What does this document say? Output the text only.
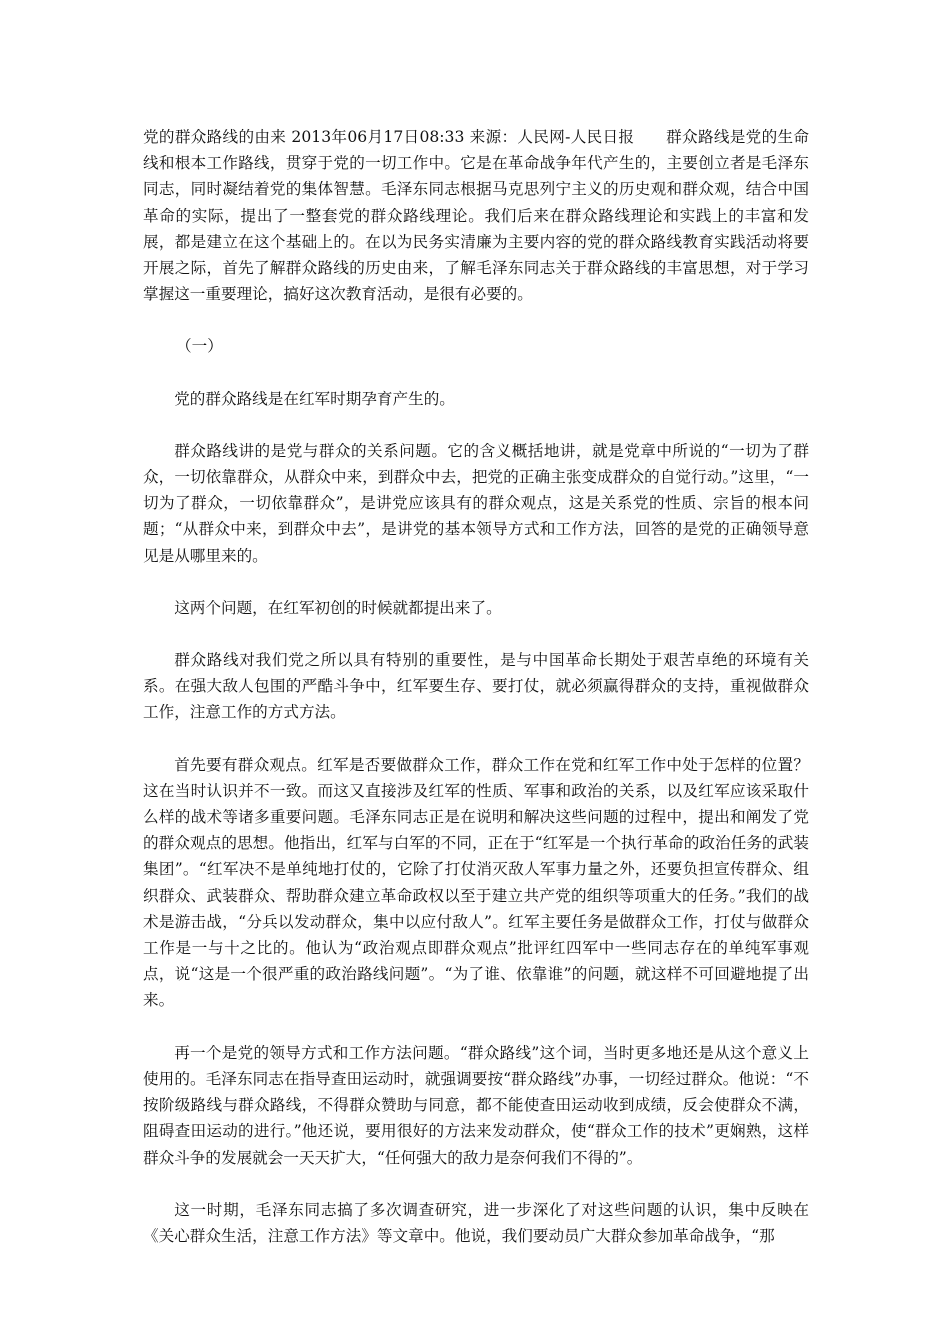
党的群众路线的由来 2013年06月17日08:33 来源：人民网-人民日报　　群众路线是党的生命线和根本工作路线，贯穿于党的一切工作中。它是在革命战争年代产生的，主要创立者是毛泽东同志，同时凝结着党的集体智慧。毛泽东同志根据马克思列宁主义的历史观和群众观，结合中国革命的实际，提出了一整套党的群众路线理论。我们后来在群众路线理论和实践上的丰富和发展，都是建立在这个基础上的。在以为民务实清廉为主要内容的党的群众路线教育实践活动将要开展之际，首先了解群众路线的历史由来，了解毛泽东同志关于群众路线的丰富思想，对于学习掌握这一重要理论，搞好这次教育活动，是很有必要的。

（一）

党的群众路线是在红军时期孕育产生的。

群众路线讲的是党与群众的关系问题。它的含义概括地讲，就是党章中所说的“一切为了群众，一切依靠群众，从群众中来，到群众中去，把党的正确主张变成群众的自觉行动。”这里，“一切为了群众，一切依靠群众”，是讲党应该具有的群众观点，这是关系党的性质、宗旨的根本问题；“从群众中来，到群众中去”，是讲党的基本领导方式和工作方法，回答的是党的正确领导意见是从哪里来的。

这两个问题，在红军初创的时候就都提出来了。

群众路线对我们党之所以具有特别的重要性，是与中国革命长期处于艰苦卓绝的环境有关系。在强大敌人包围的严酷斗争中，红军要生存、要打仗，就必须赢得群众的支持，重视做群众工作，注意工作的方式方法。

首先要有群众观点。红军是否要做群众工作，群众工作在党和红军工作中处于怎样的位置？这在当时认识并不一致。而这又直接涉及红军的性质、军事和政治的关系，以及红军应该采取什么样的战术等诸多重要问题。毛泽东同志正是在说明和解决这些问题的过程中，提出和阐发了党的群众观点的思想。他指出，红军与白军的不同，正在于“红军是一个执行革命的政治任务的武装集团”。“红军决不是单纯地打仗的，它除了打仗消灭敌人军事力量之外，还要负担宣传群众、组织群众、武装群众、帮助群众建立革命政权以至于建立共产党的组织等项重大的任务。”我们的战术是游击战，“分兵以发动群众，集中以应付敌人”。红军主要任务是做群众工作，打仗与做群众工作是一与十之比的。他认为“政治观点即群众观点”批评红四军中一些同志存在的单纯军事观点，说“这是一个很严重的政治路线问题”。“为了谁、依靠谁”的问题，就这样不可回避地提了出来。

再一个是党的领导方式和工作方法问题。“群众路线”这个词，当时更多地还是从这个意义上使用的。毛泽东同志在指导查田运动时，就强调要按“群众路线”办事，一切经过群众。他说：“不按阶级路线与群众路线，不得群众赞助与同意，都不能使查田运动收到成绩，反会使群众不满，阻碍查田运动的进行。”他还说，要用很好的方法来发动群众，使“群众工作的技术”更娴熟，这样群众斗争的发展就会一天天扩大，“任何强大的敌力是奈何我们不得的”。

这一时期，毛泽东同志搞了多次调查研究，进一步深化了对这些问题的认识，集中反映在《关心群众生活，注意工作方法》等文章中。他说，我们要动员广大群众参加革命战争，“那
